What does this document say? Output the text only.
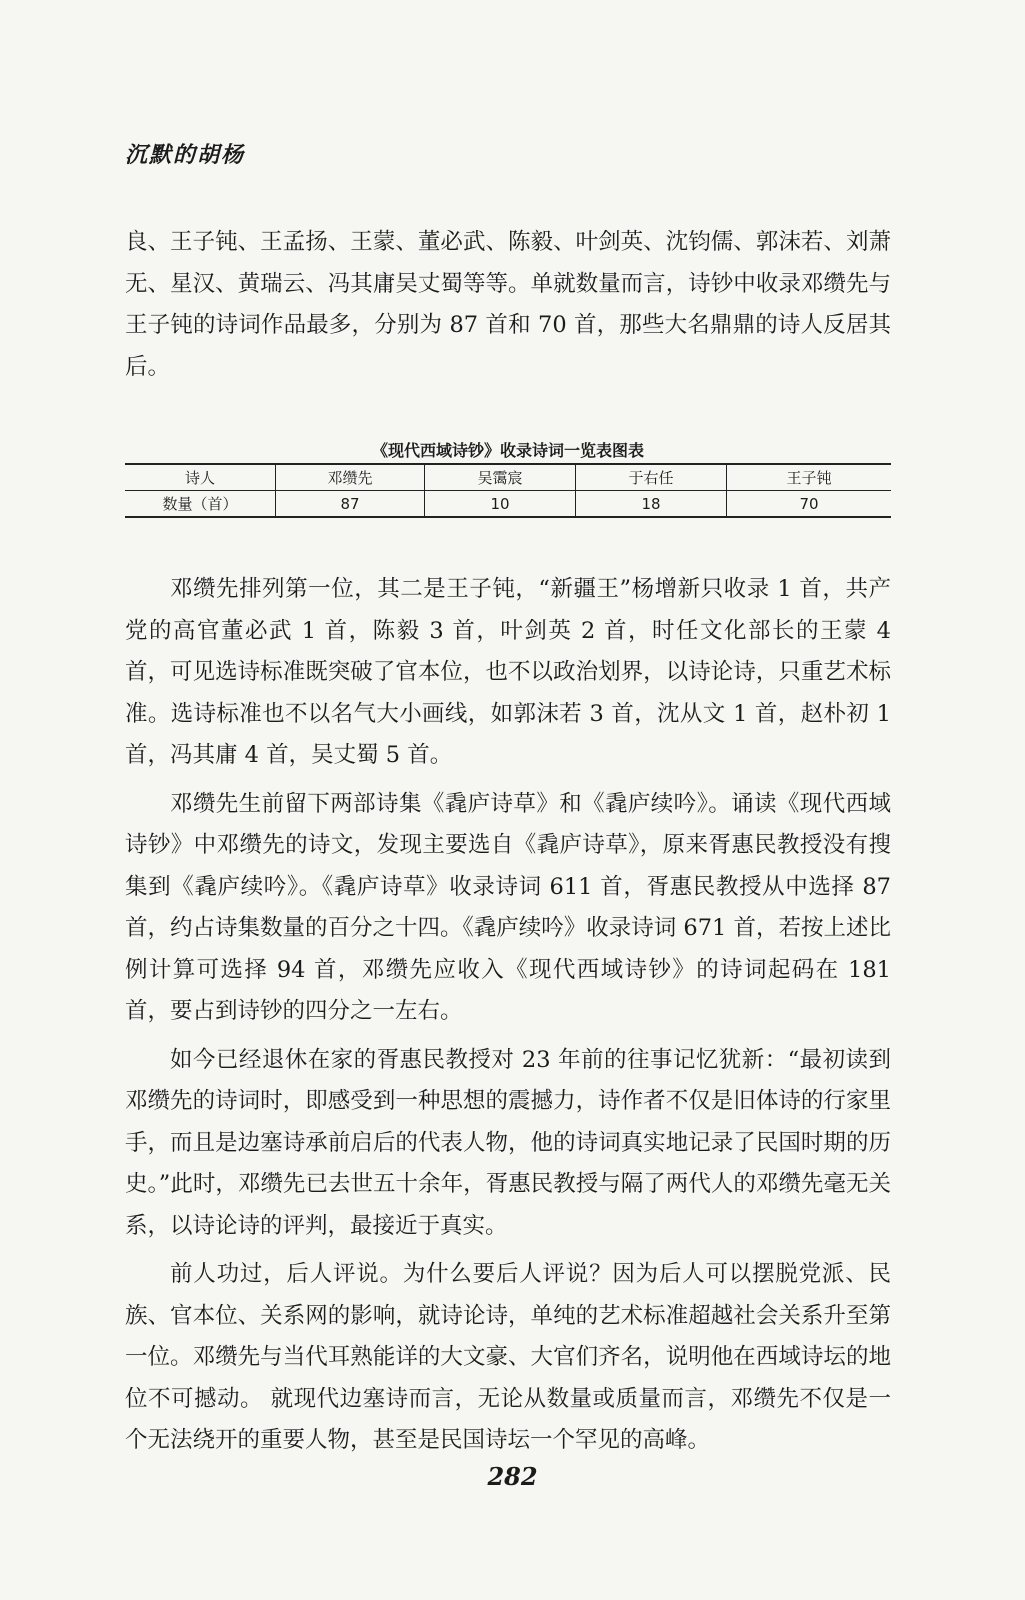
沉默的胡杨

良、王子钝、王孟扬、王蒙、董必武、陈毅、叶剑英、沈钧儒、郭沫若、刘萧无、星汉、黄瑞云、冯其庸吴丈蜀等等。单就数量而言，诗钞中收录邓缵先与王子钝的诗词作品最多，分别为 87 首和 70 首，那些大名鼎鼎的诗人反居其后。

《现代西域诗钞》收录诗词一览表图表
诗人	邓缵先	吴霭宸	于右任	王子钝
数量（首）	87	10	18	70

邓缵先排列第一位，其二是王子钝，“新疆王”杨增新只收录 1 首，共产党的高官董必武 1 首，陈毅 3 首，叶剑英 2 首，时任文化部长的王蒙 4 首，可见选诗标准既突破了官本位，也不以政治划界，以诗论诗，只重艺术标准。选诗标准也不以名气大小画线，如郭沫若 3 首，沈从文 1 首，赵朴初 1 首，冯其庸 4 首，吴丈蜀 5 首。

邓缵先生前留下两部诗集《毳庐诗草》和《毳庐续吟》。诵读《现代西域诗钞》中邓缵先的诗文，发现主要选自《毳庐诗草》，原来胥惠民教授没有搜集到《毳庐续吟》。《毳庐诗草》收录诗词 611 首，胥惠民教授从中选择 87 首，约占诗集数量的百分之十四。《毳庐续吟》收录诗词 671 首，若按上述比例计算可选择 94 首，邓缵先应收入《现代西域诗钞》的诗词起码在 181 首，要占到诗钞的四分之一左右。

如今已经退休在家的胥惠民教授对 23 年前的往事记忆犹新：“最初读到邓缵先的诗词时，即感受到一种思想的震撼力，诗作者不仅是旧体诗的行家里手，而且是边塞诗承前启后的代表人物，他的诗词真实地记录了民国时期的历史。”此时，邓缵先已去世五十余年，胥惠民教授与隔了两代人的邓缵先毫无关系，以诗论诗的评判，最接近于真实。

前人功过，后人评说。为什么要后人评说？因为后人可以摆脱党派、民族、官本位、关系网的影响，就诗论诗，单纯的艺术标准超越社会关系升至第一位。邓缵先与当代耳熟能详的大文豪、大官们齐名，说明他在西域诗坛的地位不可撼动。 就现代边塞诗而言，无论从数量或质量而言，邓缵先不仅是一个无法绕开的重要人物，甚至是民国诗坛一个罕见的高峰。

282
